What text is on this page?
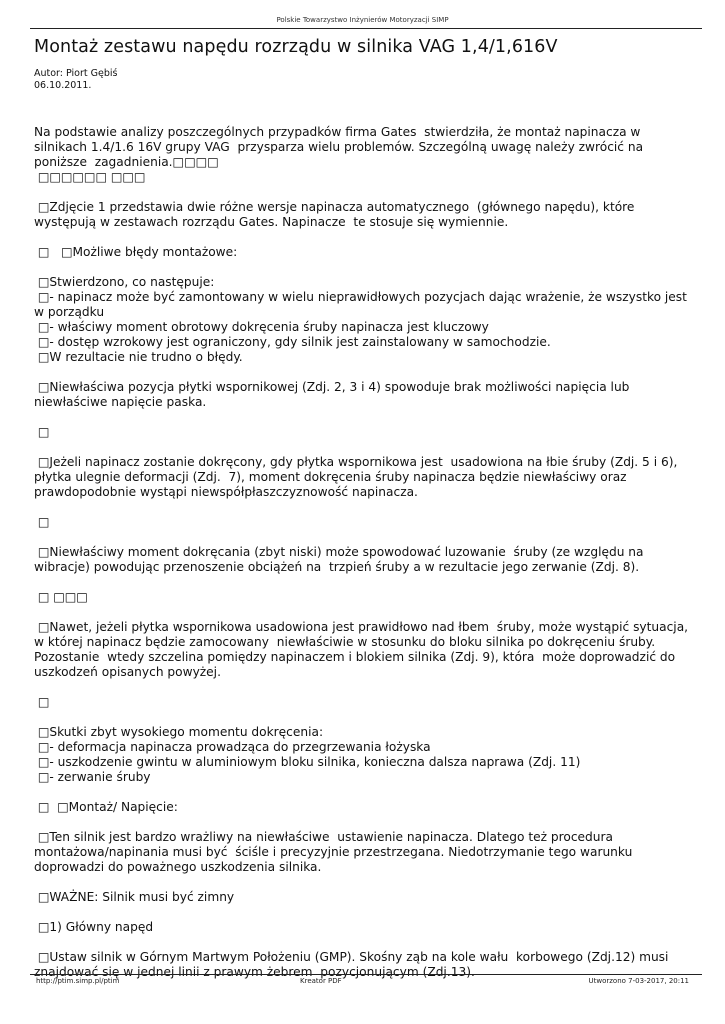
Polskie Towarzystwo Inżynierów Motoryzacji SIMP
Montaż zestawu napędu rozrządu w silnika VAG 1,4/1,616V
Autor: Piort Gębiś
06.10.2011.

Na podstawie analizy poszczególnych przypadków firma Gates  stwierdziła, że montaż napinacza w silnikach 1.4/1.6 16V grupy VAG  przysparza wielu problemów. Szczególną uwagę należy zwrócić na poniższe  zagadnienia.□□□□
□□□□□□ □□□

□Zdjęcie 1 przedstawia dwie różne wersje napinacza automatycznego  (głównego napędu), które występują w zestawach rozrządu Gates. Napinacze  te stosuje się wymiennie.

□   □Możliwe błędy montażowe:

□Stwierdzono, co następuje:
□- napinacz może być zamontowany w wielu nieprawidłowych pozycjach dając wrażenie, że wszystko jest w porządku
□- właściwy moment obrotowy dokręcenia śruby napinacza jest kluczowy
□- dostęp wzrokowy jest ograniczony, gdy silnik jest zainstalowany w samochodzie.
□W rezultacie nie trudno o błędy.

□Niewłaściwa pozycja płytki wspornikowej (Zdj. 2, 3 i 4) spowoduje brak możliwości napięcia lub niewłaściwe napięcie paska.

□

□Jeżeli napinacz zostanie dokręcony, gdy płytka wspornikowa jest  usadowiona na łbie śruby (Zdj. 5 i 6), płytka ulegnie deformacji (Zdj.  7), moment dokręcenia śruby napinacza będzie niewłaściwy oraz prawdopodobnie wystąpi niewspółpłaszczyznowość napinacza.

□

□Niewłaściwy moment dokręcania (zbyt niski) może spowodować luzowanie  śruby (ze względu na wibracje) powodując przenoszenie obciążeń na  trzpień śruby a w rezultacie jego zerwanie (Zdj. 8).

□ □□□

□Nawet, jeżeli płytka wspornikowa usadowiona jest prawidłowo nad łbem  śruby, może wystąpić sytuacja, w której napinacz będzie zamocowany  niewłaściwie w stosunku do bloku silnika po dokręceniu śruby. Pozostanie  wtedy szczelina pomiędzy napinaczem i blokiem silnika (Zdj. 9), która  może doprowadzić do uszkodzeń opisanych powyżej.

□

□Skutki zbyt wysokiego momentu dokręcenia:
□- deformacja napinacza prowadząca do przegrzewania łożyska
□- uszkodzenie gwintu w aluminiowym bloku silnika, konieczna dalsza naprawa (Zdj. 11)
□- zerwanie śruby

□  □Montaż/ Napięcie:

□Ten silnik jest bardzo wrażliwy na niewłaściwe  ustawienie napinacza. Dlatego też procedura montażowa/napinania musi być  ściśle i precyzyjnie przestrzegana. Niedotrzymanie tego warunku doprowadzi do poważnego uszkodzenia silnika.

□WAŻNE: Silnik musi być zimny

□1) Główny napęd

□Ustaw silnik w Górnym Martwym Położeniu (GMP). Skośny ząb na kole wału  korbowego (Zdj.12) musi znajdować się w jednej linii z prawym żebrem  pozycjonującym (Zdj.13).

http://ptim.simp.pl/ptim	Kreator PDF	Utworzono 7-03-2017, 20:11
